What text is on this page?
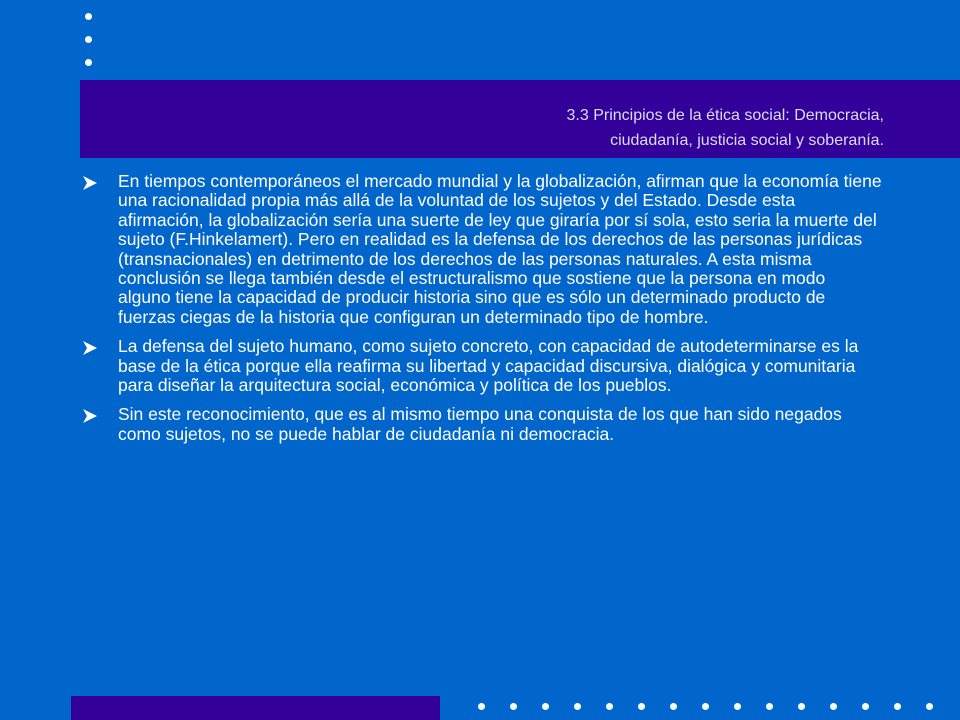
3.3 Principios de la ética social: Democracia,
ciudadanía, justicia social y soberanía.
En tiempos contemporáneos el mercado mundial y la globalización, afirman que la economía tiene una racionalidad propia más allá de la voluntad de los sujetos y del Estado. Desde esta afirmación, la globalización sería una suerte de ley que giraría por sí sola, esto seria la muerte del sujeto (F.Hinkelamert). Pero en realidad es la defensa de los derechos de las personas jurídicas (transnacionales) en detrimento de los derechos de las personas naturales. A esta misma conclusión se llega también desde el estructuralismo que sostiene que la persona en modo alguno tiene la capacidad de producir historia sino que es sólo un determinado producto de fuerzas ciegas de la historia que configuran un determinado tipo de hombre.
La defensa del sujeto humano, como sujeto concreto, con capacidad de autodeterminarse es la base de la ética porque ella reafirma su libertad y capacidad discursiva, dialógica y comunitaria para diseñar la arquitectura social, económica y política de los pueblos.
Sin este reconocimiento, que es al mismo tiempo una conquista de los que han sido negados como sujetos, no se puede hablar de ciudadanía ni democracia.
